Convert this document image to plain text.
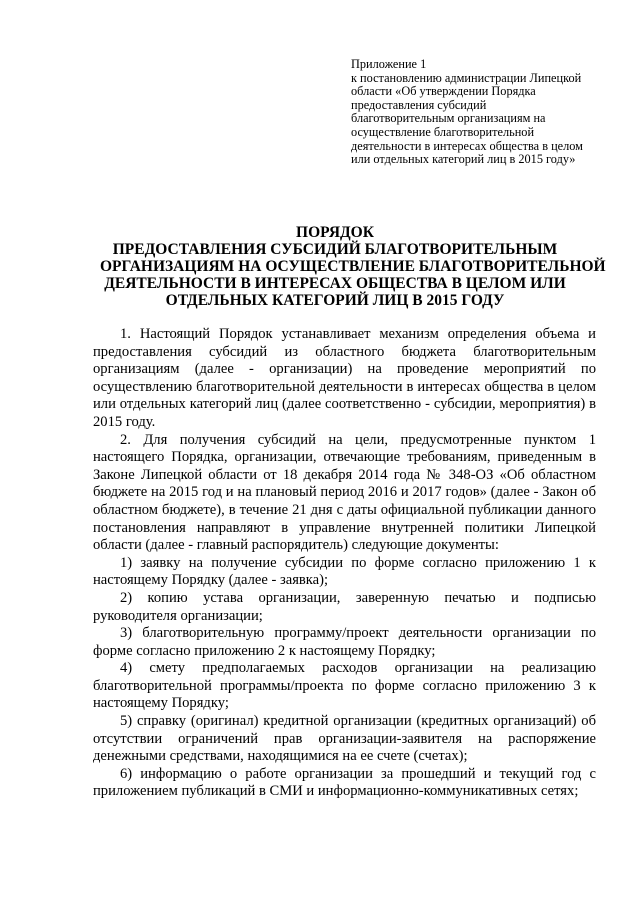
Приложение 1
к постановлению администрации Липецкой
области «Об утверждении Порядка
предоставления субсидий
благотворительным организациям на
осуществление благотворительной
деятельности в интересах общества в целом
или отдельных категорий лиц в 2015 году»
ПОРЯДОК
ПРЕДОСТАВЛЕНИЯ СУБСИДИЙ БЛАГОТВОРИТЕЛЬНЫМ
ОРГАНИЗАЦИЯМ НА ОСУЩЕСТВЛЕНИЕ БЛАГОТВОРИТЕЛЬНОЙ
ДЕЯТЕЛЬНОСТИ В ИНТЕРЕСАХ ОБЩЕСТВА В ЦЕЛОМ ИЛИ
ОТДЕЛЬНЫХ КАТЕГОРИЙ ЛИЦ В 2015 ГОДУ

1. Настоящий Порядок устанавливает механизм определения объема и предоставления субсидий из областного бюджета благотворительным организациям (далее - организации) на проведение мероприятий по осуществлению благотворительной деятельности в интересах общества в целом или отдельных категорий лиц (далее соответственно - субсидии, мероприятия) в 2015 году.

2. Для получения субсидий на цели, предусмотренные пунктом 1 настоящего Порядка, организации, отвечающие требованиям, приведенным в Законе Липецкой области от 18 декабря 2014 года № 348-ОЗ «Об областном бюджете на 2015 год и на плановый период 2016 и 2017 годов» (далее - Закон об областном бюджете), в течение 21 дня с даты официальной публикации данного постановления направляют в управление внутренней политики Липецкой области (далее - главный распорядитель) следующие документы:

1) заявку на получение субсидии по форме согласно приложению 1 к настоящему Порядку (далее - заявка);

2) копию устава организации, заверенную печатью и подписью руководителя организации;

3) благотворительную программу/проект деятельности организации по форме согласно приложению 2 к настоящему Порядку;

4) смету предполагаемых расходов организации на реализацию благотворительной программы/проекта по форме согласно приложению 3 к настоящему Порядку;

5) справку (оригинал) кредитной организации (кредитных организаций) об отсутствии ограничений прав организации-заявителя на распоряжение денежными средствами, находящимися на ее счете (счетах);

6) информацию о работе организации за прошедший и текущий год с приложением публикаций в СМИ и информационно-коммуникативных сетях;
